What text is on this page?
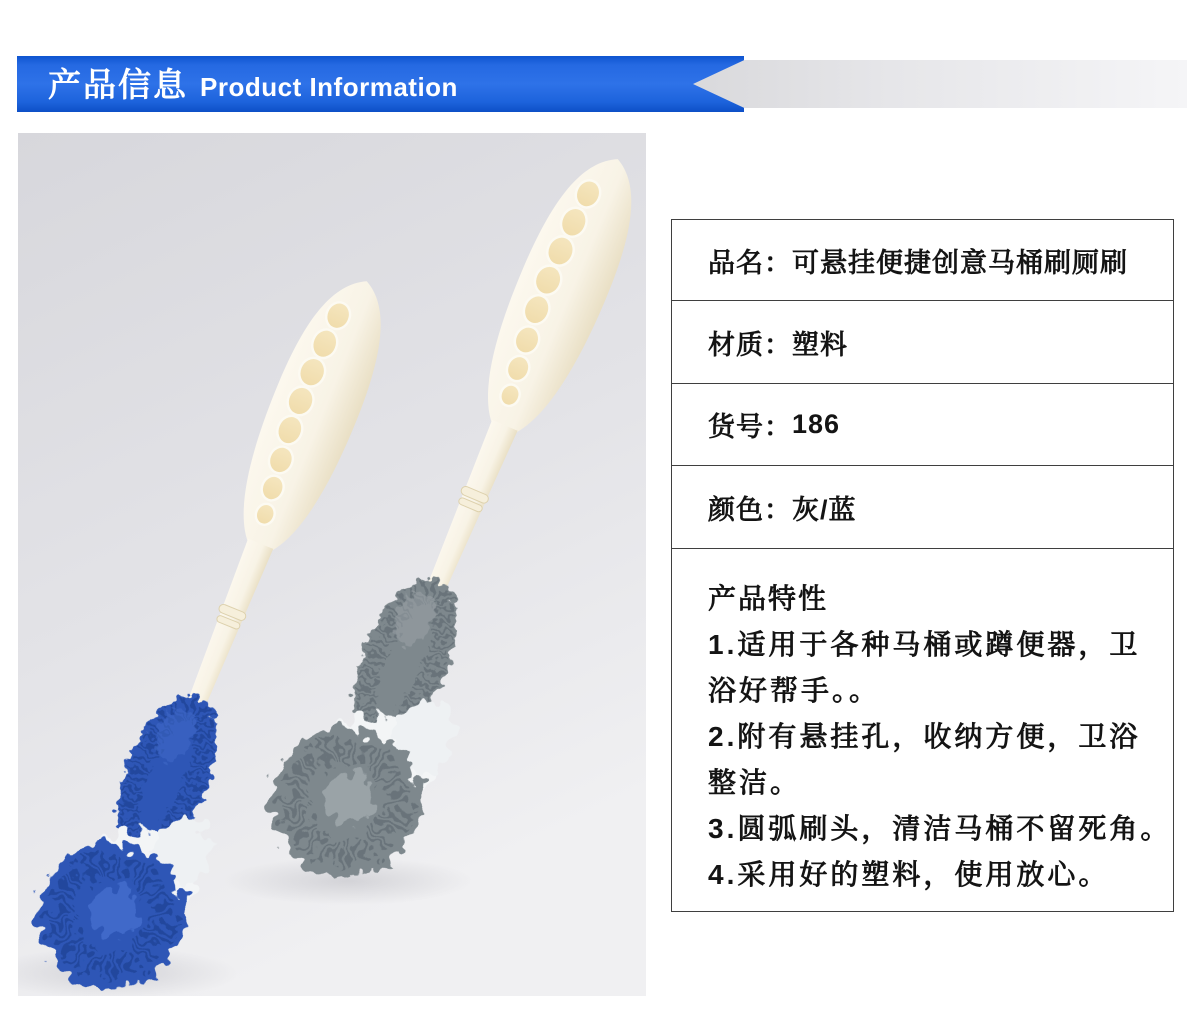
产品信息 Product Information
品名： 可悬挂便捷创意马桶刷厕刷
材质： 塑料
货号： 186
颜色： 灰/蓝
产品特性
1.适用于各种马桶或蹲便器，卫浴好帮手。。
2.附有悬挂孔，收纳方便，卫浴整洁。
3.圆弧刷头，清洁马桶不留死角。
4.采用好的塑料，使用放心。
